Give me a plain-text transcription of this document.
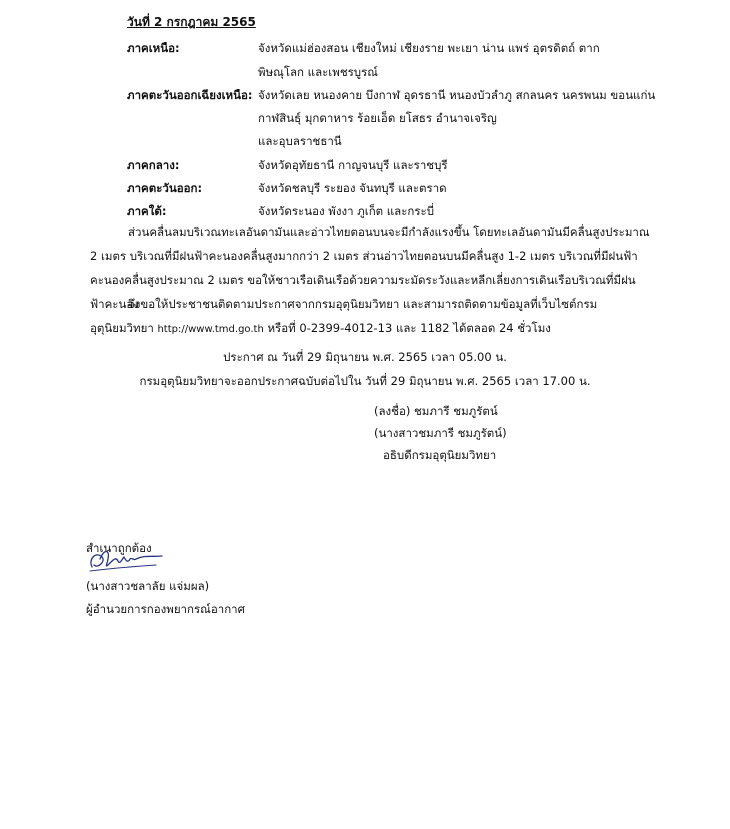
วันที่ 2 กรกฎาคม 2565
ภาคเหนือ:	จังหวัดแม่ฮ่องสอน เชียงใหม่ เชียงราย พะเยา น่าน แพร่ อุตรดิตถ์ ตาก
พิษณุโลก และเพชรบูรณ์
ภาคตะวันออกเฉียงเหนือ: จังหวัดเลย หนองคาย บึงกาฬ อุดรธานี หนองบัวลำภู สกลนคร นครพนม ขอนแก่น
กาฬสินธุ์ มุกดาหาร ร้อยเอ็ด ยโสธร อำนาจเจริญ
และอุบลราชธานี
ภาคกลาง:	จังหวัดอุทัยธานี กาญจนบุรี และราชบุรี
ภาคตะวันออก:	จังหวัดชลบุรี ระยอง จันทบุรี และตราด
ภาคใต้:	จังหวัดระนอง พังงา ภูเก็ต และกระบี่
ส่วนคลื่นลมบริเวณทะเลอันดามันและอ่าวไทยตอนบนจะมีกำลังแรงขึ้น โดยทะเลอันดามันมีคลื่นสูงประมาณ 2 เมตร บริเวณที่มีฝนฟ้าคะนองคลื่นสูงมากกว่า 2 เมตร ส่วนอ่าวไทยตอนบนมีคลื่นสูง 1-2 เมตร บริเวณที่มีฝนฟ้าคะนองคลื่นสูงประมาณ 2 เมตร ขอให้ชาวเรือเดินเรือด้วยความระมัดระวังและหลีกเลี่ยงการเดินเรือบริเวณที่มีฝนฟ้าคะนอง
จึงขอให้ประชาชนติดตามประกาศจากกรมอุตุนิยมวิทยา และสามารถติดตามข้อมูลที่เว็บไซต์กรมอุตุนิยมวิทยา http://www.tmd.go.th หรือที่ 0-2399-4012-13 และ 1182 ได้ตลอด 24 ชั่วโมง
ประกาศ ณ วันที่ 29 มิถุนายน พ.ศ. 2565 เวลา 05.00 น.
กรมอุตุนิยมวิทยาจะออกประกาศฉบับต่อไปใน วันที่ 29 มิถุนายน พ.ศ. 2565 เวลา 17.00 น.
(ลงชื่อ) ชมภารี ชมภูรัตน์
(นางสาวชมภารี ชมภูรัตน์)
อธิบดีกรมอุตุนิยมวิทยา
สำเนาถูกต้อง
(นางสาวชลาลัย แจ่มผล)
ผู้อำนวยการกองพยากรณ์อากาศ
